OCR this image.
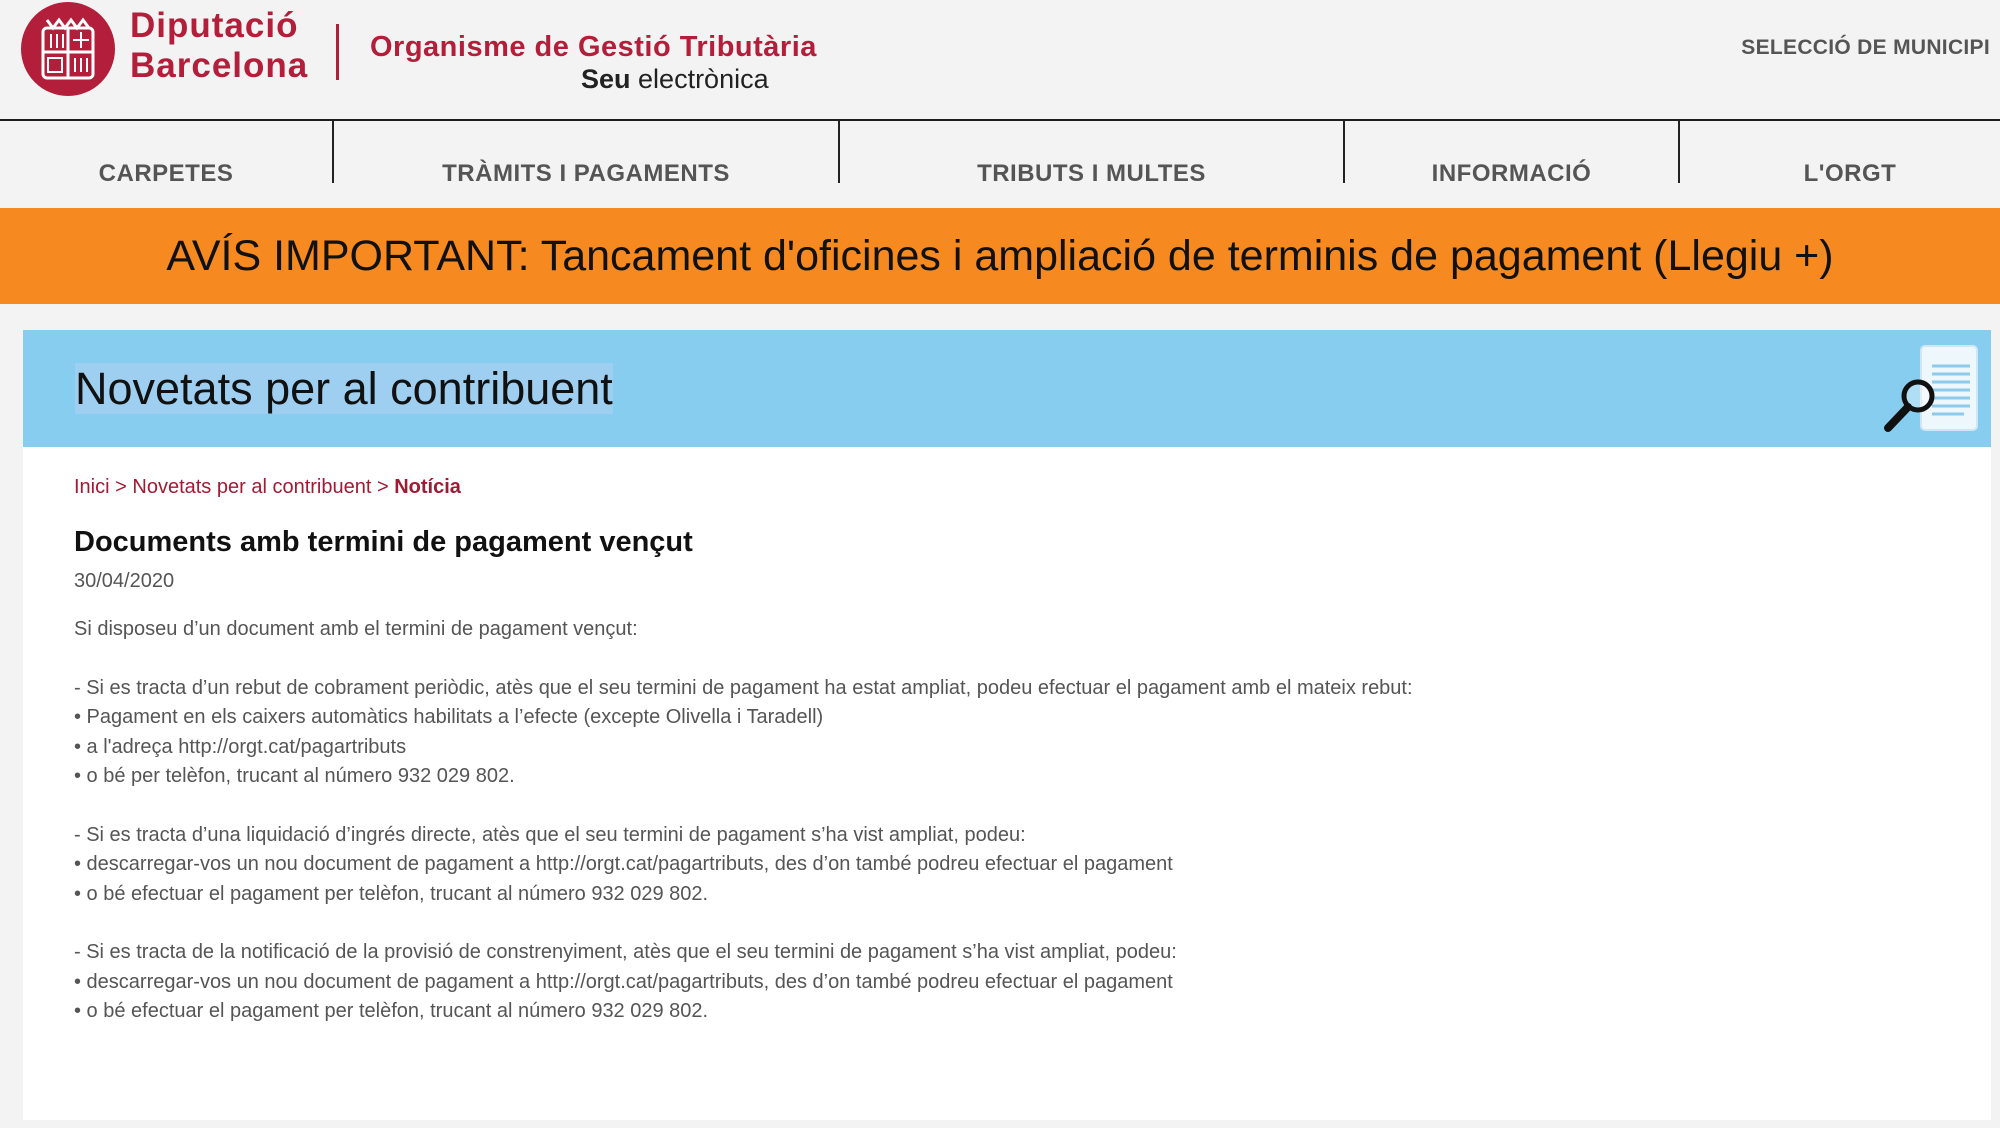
Diputació
Barcelona Organisme de Gestió Tributària
Seu electrònica
SELECCIÓ DE MUNICIPI
CARPETES	TRÀMITS I PAGAMENTS	TRIBUTS I MULTES	INFORMACIÓ	L'ORGT
AVÍS IMPORTANT: Tancament d'oficines i ampliació de terminis de pagament (Llegiu +)
Novetats per al contribuent
Inici > Novetats per al contribuent > Notícia
Documents amb termini de pagament vençut
30/04/2020

Si disposeu d’un document amb el termini de pagament vençut:

- Si es tracta d’un rebut de cobrament periòdic, atès que el seu termini de pagament ha estat ampliat, podeu efectuar el pagament amb el mateix rebut:

• Pagament en els caixers automàtics habilitats a l’efecte (excepte Olivella i Taradell)

• a l'adreça http://orgt.cat/pagartributs

• o bé per telèfon, trucant al número 932 029 802.

- Si es tracta d’una liquidació d’ingrés directe, atès que el seu termini de pagament s’ha vist ampliat, podeu:

• descarregar-vos un nou document de pagament a http://orgt.cat/pagartributs, des d’on també podreu efectuar el pagament

• o bé efectuar el pagament per telèfon, trucant al número 932 029 802.

- Si es tracta de la notificació de la provisió de constrenyiment, atès que el seu termini de pagament s’ha vist ampliat, podeu:

• descarregar-vos un nou document de pagament a http://orgt.cat/pagartributs, des d’on també podreu efectuar el pagament

• o bé efectuar el pagament per telèfon, trucant al número 932 029 802.
